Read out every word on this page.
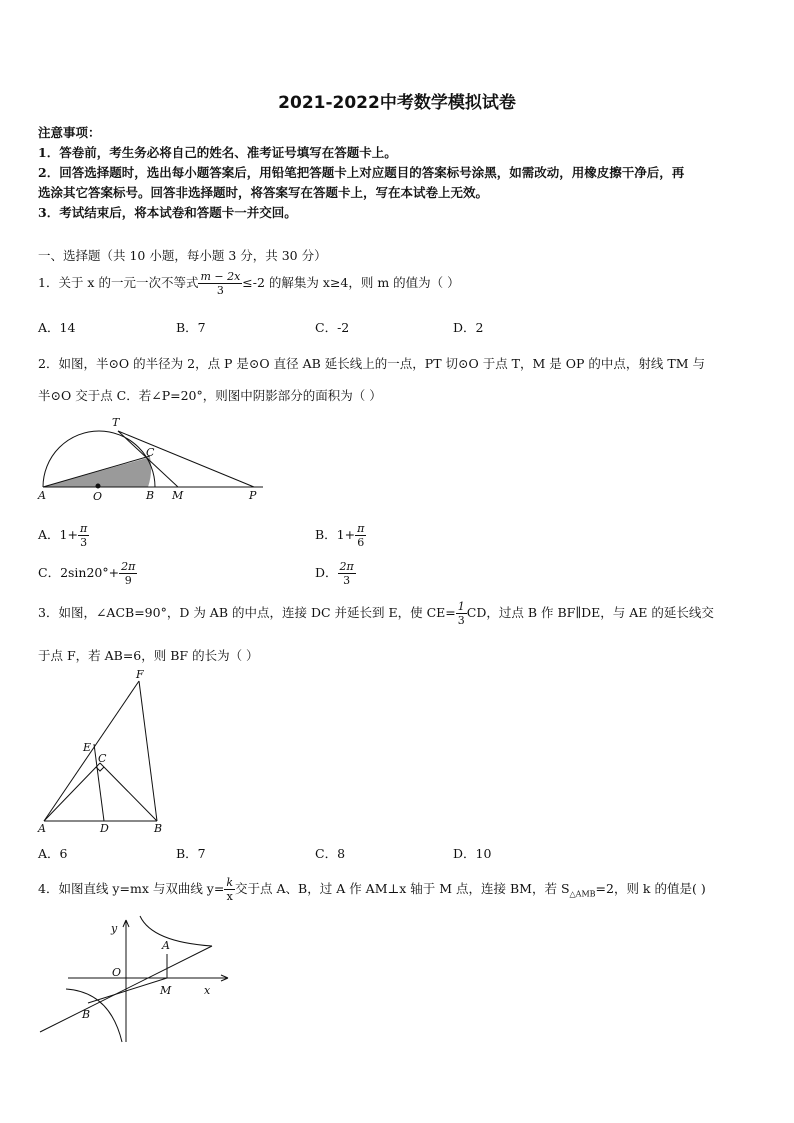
2021-2022中考数学模拟试卷
注意事项：
1．答卷前，考生务必将自己的姓名、准考证号填写在答题卡上。
2．回答选择题时，选出每小题答案后，用铅笔把答题卡上对应题目的答案标号涂黑，如需改动，用橡皮擦干净后，再
选涂其它答案标号。回答非选择题时，将答案写在答题卡上，写在本试卷上无效。
3．考试结束后，将本试卷和答题卡一并交回。
一、选择题（共 10 小题，每小题 3 分，共 30 分）
1．关于 x 的一元一次不等式 $\frac{m - 2x}{3} \le-2$ 的解集为 x≥4，则 m 的值为（ ）
A．14	B．7	C．-2	D．2
2．如图，半⊙O 的半径为 2，点 P 是⊙O 直径 AB 延长线上的一点，PT 切⊙O 于点 T，M 是 OP 的中点，射线 TM 与
半⊙O 交于点 C．若∠P=20°，则图中阴影部分的面积为（ ）
T
C
A	O	B M	P
A．$1+ \frac{\pi}{3}$	B．$1+ \frac{\pi}{6}$
C．$2\sin 20^\circ+ \frac{2\pi}{9}$	D． $\frac{2\pi}{3}$
3．如图，∠ACB=90°，D 为 AB 的中点，连接 DC 并延长到 E，使 $CE= \frac{1}{3}$ CD，过点 B 作 BF∥DE，与 AE 的延长线交
于点 F，若 AB=6，则 BF 的长为（ ）
F
E
C
A	D	B
A．6	B．7	C．8	D．10
4．如图直线 y=mx 与双曲线 $y= \frac{k}{x}$ 交于点 A、B，过 A 作 AM⊥x 轴于 M 点，连接 BM，若 $S_{\triangle AMB}=2$，则 k 的值是( )
y
A
O
M	x
B
